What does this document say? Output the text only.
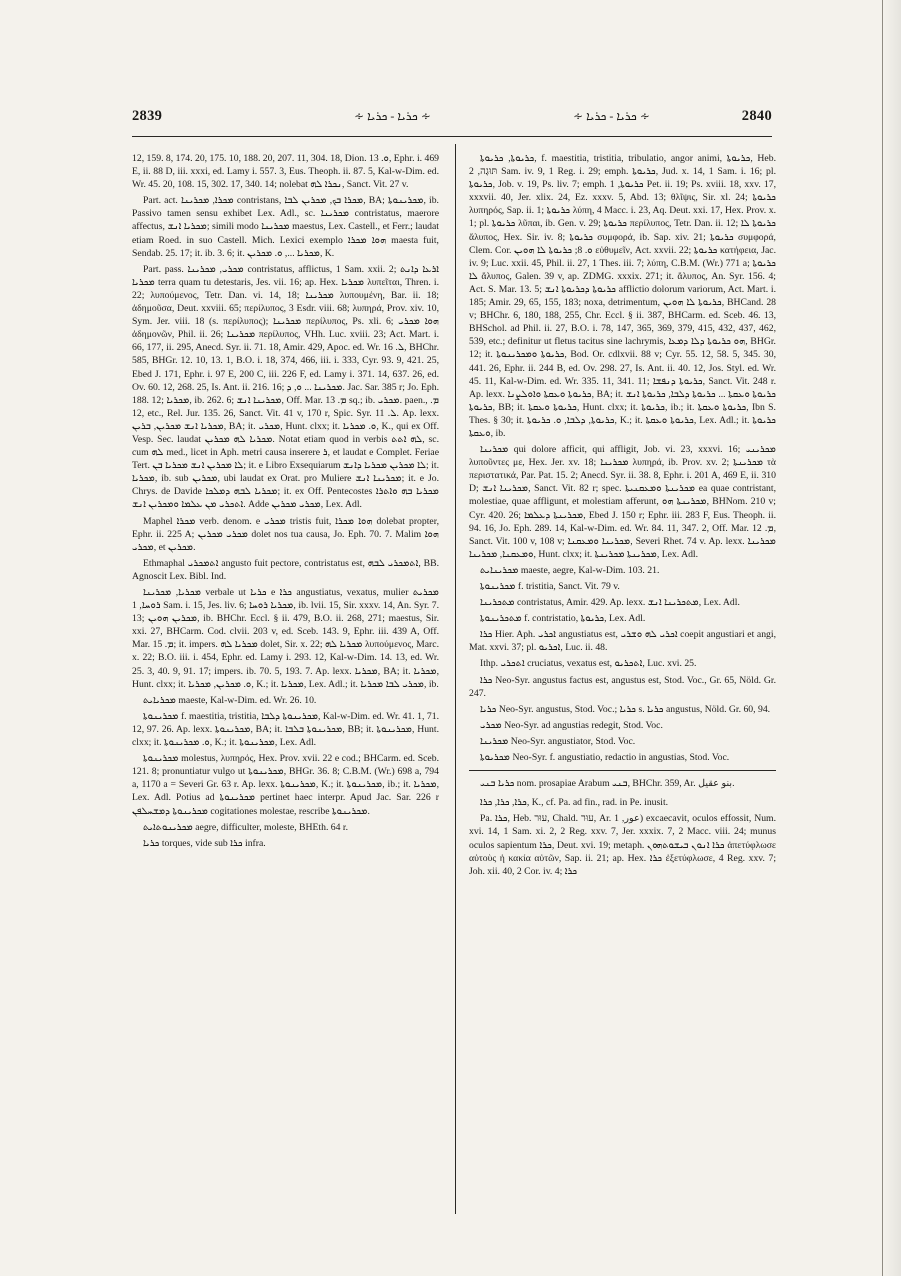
2839	∻ ܟܪܝܐ - ܟܪܝܐ ∻	∻ ܟܪܝܐ - ܟܪܝܐ ∻	2840

12, 159. 8, 174. 20, 175. 10, 188. 20, 207. 11, 304. 18, Dion. ܘ. 13, Ephr. i. 469 E, ii. 88 D, iii. xxxi, ed. Lamy i. 557. 3, Eus. Theoph. ii. 87. 5, Kal-w-Dim. ed. Wr. 45. 20, 108. 15, 302. 17, 340. 14; nolebat ܢܟܪܐ ܠܗ, Sanct. Vit. 27 v.

Part. act. ܡܟܪܐ, ܡܟܪܝܢܐ contristans, ܡܟܪܐ ܒܟ, ܡܟܪܝܢ ܠܒܐ, BA; ܡܟܪܝܢܘܬܐ, ib. Passivo tamen sensu exhibet Lex. Adl., sc. ܡܟܪܝܢܐ contristatus, maerore affectus, ܡܟܪܝܐ ܐܢܫ; simili modo ܡܟܪܝܢܐ maestus, Lex. Castell., et Ferr.; laudat etiam Roed. in suo Castell. Mich. Lexici exemplo ܗܘܐ ܡܟܪܐ maesta fuit, Sendab. 25. 17; it. ib. 3. 6; it. ܡܟܪܝܐ ..., ܘ. ܡܟܪܝܢ, K.

Part. pass. ܡܟܪܝ, ܡܟܪܝܢܐ contristatus, afflictus, 1 Sam. xxii. 2; ܐܪܥܐ ܕܐܢܬ ܡܟܪܝܐ terra quam tu detestaris, Jes. vii. 16; ap. Hex. ܡܟܪܝܐ λυπεῖται, Thren. i. 22; λυπούμενος, Tetr. Dan. vi. 14, 18; ܡܟܪܝܢܐ λυπουμένη, Bar. ii. 18; ἀδημοῦσα, Deut. xxviii. 65; περίλυπος, 3 Esdr. viii. 68; λυπηρά, Prov. xiv. 10, Sym. Jer. viii. 18 (s. περίλυπος); ܡܟܪܝܢܐ περίλυπος, Ps. xli. 6; ܗܘܐ ܡܟܪܝ ἀδημονῶν, Phil. ii. 26; ܡܟܪܝܢܐ περίλυπος, VHh. Luc. xviii. 23; Act. Mart. i. 66, 177, ii. 295, Anecd. Syr. ii. 71. 18, Amir. 429, Apoc. ed. Wr. ܠ. 16, BHChr. 585, BHGr. 12. 10, 13. 1, B.O. i. 18, 374, 466, iii. i. 333, Cyr. 93. 9, 421. 25, Ebed J. 171, Ephr. i. 97 E, 200 C, iii. 226 F, ed. Lamy i. 371. 14, 637. 26, ed. Ov. 60. 12, 268. 25, Is. Ant. ii. 216. 16; ܡܟܪܝܢܐ ... ܘ, ܕ. Jac. Sar. 385 r; Jo. Eph. 188. 12; ܡܟܪܝܐ, ib. 262. 6; ܡܟܪܝܢܐ ܐܢܫ, Off. Mar. ܡ. 13 sq.; ib. ܡܟܪܝ. paen., ܡ. 12, etc., Rel. Jur. 135. 26, Sanct. Vit. 41 v, 170 r, Spic. Syr. ܠ. 11. Ap. lexx. ܡܟܪܝܐ ܐܢܫ ܡܟܪܝܢ, ܒܪܝܢ, BA; it. ܡܟܪܝ, Hunt. clxx; it. ܘ. ܡܟܪܝܐ, K., qui ex Off. Vesp. Sec. laudat ܡܟܪܝܐ ܠܗ ܡܟܪܝܢ. Notat etiam quod in verbis ܠܗ ܐܬܬ, sc. cum ܠܗ med., licet in Aph. metri causa inserere ܪ, et laudat e Complet. Feriae Tert. ܠܐ ܡܟܪܝܢ ܐܢܫ ܡܟܪܝܐ ܒܢ; it. e Libro Exsequiarum ܠܐ ܡܟܪܝܢ ܡܟܪܝܐ ܕܐܢܫ; it. ܡܟܪܝܐ, ib. sub ܡܟܪܝܢ, ubi laudat ex Orat. pro Muliere ܡܟܪܝܢܐ ܐܢܫ; it. e Jo. Chrys. de Davide ܡܟܪܝܐ ܠܒܗ ܕܡܠܟܐ; it. ex Off. Pentecostes ܡܟܪܝܐ ܒܗ ܘܐܬܪܐ ܐܬܟܪܝ ܡܢ ܥܠܡܐ ܘܡܟܪܝܢ ܐܢܫ. Adde ܡܟܪܝ ܡܟܪܝܢ, Lex. Adl.

Maphel ܡܟܪܐ verb. denom. e ܡܟܪܝ tristis fuit, ܗܘܐ ܡܟܪܐ dolebat propter, Ephr. ii. 225 A; ܡܟܪܝ ܡܟܪܝܢ dolet nos tua causa, Jo. Eph. 70. 7. Malim ܗܘܐ ܡܟܪܝ, et ܡܟܪܝܢ.

Ethmaphal ܐܬܡܟܪܝ angusto fuit pectore, contristatus est, ܐܬܡܟܪܝ ܠܒܗ, BB. Agnoscit Lex. Bibl. Ind.

ܡܟܪܝܐ, ܡܟܪܝܢܐ verbale ut ܟܪܝܐ e ܟܪܐ angustiatus, vexatus, mulier ܡܟܪܝܬ ܪܘܚܐ, 1 Sam. i. 15, Jes. liv. 6; ܡܟܪܝܐ ܪܘܚܐ, ib. lvii. 15, Sir. xxxv. 14, An. Syr. 7. 13; ܡܟܪܝܢ ܗܘܝܢ, ib. BHChr. Eccl. § ii. 479, B.O. ii. 268, 271; maestus, Sir. xxi. 27, BHCarm. Cod. clvii. 203 v, ed. Sceb. 143. 9, Ephr. iii. 439 A, Off. Mar. ܡ. 15; it. impers. ܡܟܪܝܐ ܠܗ dolet, Sir. x. 22; ܡܟܪܝܐ ܠܗ λυπούμενος, Marc. x. 22; B.O. iii. i. 454, Ephr. ed. Lamy i. 293. 12, Kal-w-Dim. 14. 13, ed. Wr. 25. 3, 40. 9, 91. 17; impers. ib. 70. 5, 193. 7. Ap. lexx. ܡܟܪܝܐ, BA; it. ܡܟܪܝܐ, Hunt. clxx; it. ܘ. ܡܟܪܝܢ, ܡܟܪܝܐ, K.; it. ܡܟܪܝܐ, Lex. Adl.; it. ܡܟܪܝ ܠܒܐ ܡܟܪܝܐ, ib.

ܡܟܪܝܐܝܬ maeste, Kal-w-Dim. ed. Wr. 26. 10.

ܡܟܪܝܢܘܬܐ f. maestitia, tristitia, ܡܟܪܝܢܘܬܐ ܕܠܒܐ, Kal-w-Dim. ed. Wr. 41. 1, 71. 12, 97. 26. Ap. lexx. ܡܟܪܝܢܘܬܐ, BA; it. ܡܟܪܝܢܘܬܐ ܒܠܒܐ, BB; it. ܡܟܪܝܢܘܬܐ, Hunt. clxx; it. ܘ. ܡܟܪܝܢܘܬܐ, K.; it. ܡܟܪܝܢܘܬܐ, Lex. Adl.

ܡܟܪܝܢܘܬܐ molestus, λυπηρός, Hex. Prov. xvii. 22 e cod.; BHCarm. ed. Sceb. 121. 8; pronuntiatur vulgo ut ܡܟܪܝܢܘܬܐ, BHGr. 36. 8; C.B.M. (Wr.) 698 a, 794 a, 1170 a = Severi Gr. 63 r. Ap. lexx. ܡܟܪܝܢܘܬܐ, K.; it. ܡܟܪܝܢܘܬܐ, ib.; it. ܡܟܪܝܐ, Lex. Adl. Potius ad ܡܟܪܝܢܘܬܐ pertinet haec interpr. Apud Jac. Sar. 226 r ܡܟܪܝܢܘܬܐ ܕܡܫܚܠܦܢ cogitationes molestae, rescribe ܡܟܪܝܢܘܬܐ.

ܡܟܪܝܢܘܬܐܝܬ aegre, difficulter, moleste, BHEth. 64 r.

ܟܪܝܐ torques, vide sub ܟܪܐ infra.

ܟܪܝܘܬܐ, ܟܪܝܘܬܐ, f. maestitia, tristitia, tribulatio, angor animi, ܟܪܝܘܬܐ, Heb. תּוּגָה, 2 Sam. iv. 9, 1 Reg. i. 29; emph. ܟܪܝܘܬܐ, Jud. x. 14, 1 Sam. i. 16; pl. ܟܪܝܘܬܐ, Job. v. 19, Ps. liv. 7; emph. ܟܪܝܘܬܐ, 1 Pet. ii. 19; Ps. xviii. 18, xxv. 17, xxxvii. 40, Jer. xlix. 24, Ez. xxxv. 5, Abd. 13; θλῖψις, Sir. xl. 24; ܟܪܝܘܬܐ λυπηρός, Sap. ii. 1; ܟܪܝܘܬܐ λύπη, 4 Macc. i. 23, Aq. Deut. xxi. 17, Hex. Prov. x. 1; pl. ܟܪܝܘܬܐ λῦπαι, ib. Gen. v. 29; ܟܪܝܘܬܐ περίλυπος, Tetr. Dan. ii. 12; ܟܪܝܘܬܐ ܠܐ ἄλυπος, Hex. Sir. iv. 8; ܟܪܝܘܬܐ συμφορά, ib. Sap. xiv. 21; ܟܪܝܘܬܐ συμφορά, Clem. Cor. ܘ. 8; ܟܪܝܘܬܐ ܠܐ ܗܘܝܢ εὐθυμεῖν, Act. xxvii. 22; ܟܪܝܘܬܐ κατήφεια, Jac. iv. 9; Luc. xxii. 45, Phil. ii. 27, 1 Thes. iii. 7; λύπη, C.B.M. (Wr.) 771 a; ܟܪܝܘܬܐ ܠܐ ἄλυπος, Galen. 39 v, ap. ZDMG. xxxix. 271; it. ἄλυπος, An. Syr. 156. 4; Act. S. Mar. 13. 5; ܟܪܝܘܬܐ ܕܟܪܝܘܬܐ ܐܢܫ afflictio dolorum variorum, Act. Mart. i. 185; Amir. 29, 65, 155, 183; noxa, detrimentum, ܟܪܝܘܬܐ ܠܐ ܗܘܝܢ, BHCand. 28 v; BHChr. 6, 180, 188, 255, Chr. Eccl. § ii. 387, BHCarm. ed. Sceb. 46. 13, BHSchol. ad Phil. ii. 27, B.O. i. 78, 147, 365, 369, 379, 415, 432, 437, 462, 539, etc.; definitur ut fletus tacitus sine lachrymis, ܗܘ ܟܪܝܘܬܐ ܕܠܐ ܕܡܥܐ, BHGr. 12; it. ܟܪܝܘܬܐ ܘܡܟܪܝܢܘܬܐ, Bod. Or. cdlxvii. 88 v; Cyr. 55. 12, 58. 5, 345. 30, 441. 26, Ephr. ii. 244 B, ed. Ov. 298. 27, Is. Ant. ii. 40. 12, Jos. Styl. ed. Wr. 45. 11, Kal-w-Dim. ed. Wr. 335. 11, 341. 11; ܟܪܝܘܬܐ ܕܢܦܫܐ, Sanct. Vit. 248 r. Ap. lexx. ܟܪܝܘܬܐ ܘܥܩܬܐ ܘܐܘܠܨܢܐ, BA; it. ܟܪܝܘܬܐ ܘܥܩܬܐ ... ܟܪܝܘܬܐ ܕܠܒܐ, ܟܪܝܘܬܐ ܐܢܫ ܟܪܝܘܬܐ, BB; it. ܟܪܝܘܬܐ ܘܥܩܬܐ, Hunt. clxx; it. ܟܪܝܘܬܐ, ib.; it. ܟܪܝܘܬܐ ܘܥܩܬܐ, Ibn S. Thes. § 30; it. ܟܪܝܘܬܐ, ܕܠܒܐ, ܘ. ܟܪܝܘܬܐ, K.; it. ܟܪܝܘܬܐ ܘܥܩܬܐ, Lex. Adl.; it. ܟܪܝܘܬܐ ܘܥܩܬܐ, ib.

ܡܟܪܝܢܐ qui dolore afficit, qui affligit, Job. vi. 23, xxxvi. 16; ܡܟܪܝܢܝ λυποῦντες με, Hex. Jer. xv. 18; ܡܟܪܝܢܐ λυπηρά, ib. Prov. xv. 2; ܡܟܪܝܢܬܐ τὰ περιστατικά, Par. Pat. 15. 2; Anecd. Syr. ii. 38. 8, Ephr. i. 201 A, 469 E, ii. 310 D; ܡܟܪܝܢܐ ܐܢܫ, Sanct. Vit. 82 r; spec. ܡܟܪܝܢܬܐ ܘܡܥܩܢܝܬܐ ea quae contristant, molestiae, quae affligunt, et molestiam afferunt, ܡܟܪܝܢܬܐ ܗܘ, BHNom. 210 v; Cyr. 420. 26; ܡܟܪܝܢܬܐ ܕܥܠܡܐ, Ebed J. 150 r; Ephr. iii. 283 F, Eus. Theoph. ii. 94. 16, Jo. Eph. 289. 14, Kal-w-Dim. ed. Wr. 84. 11, 347. 2, Off. Mar. ܡ. 12, Sanct. Vit. 100 v, 108 v; ܡܟܪܝܢܐ ܘܡܥܩܢܐ, Severi Rhet. 74 v. Ap. lexx. ܡܟܪܝܢܐ ܘܡܥܩܢܐ, ܡܟܪܝܢܐ, Hunt. clxx; it. ܡܟܪܝܢܬܐ ܡܟܪܝܢܬܐ, Lex. Adl.

ܡܟܪܝܢܐܝܬ maeste, aegre, Kal-w-Dim. 103. 21.

ܡܟܪܝܢܘܬܐ f. tristitia, Sanct. Vit. 79 v.

ܡܬܟܪܝܢܐ contristatus, Amir. 429. Ap. lexx. ܡܬܟܪܝܢܐ ܐܢܫ, Lex. Adl.

ܡܬܟܪܝܢܘܬܐ f. contristatio, ܟܪܝܘܬܐ, Lex. Adl.

ܟܪܐ Hier. Aph. ܐܟܪܝ angustiatus est, ܐܟܪܝ ܠܗ ܘܫܪܝ coepit angustiari et angi, Mat. xxvi. 37; pl. ܐܟܪܝܘ, Luc. ii. 48.

Ithp. ܐܬܟܪܝ cruciatus, vexatus est, ܐܬܟܪܝܘ, Luc. xvi. 25.

ܟܪܐ Neo-Syr. angustus factus est, angustus est, Stod. Voc., Gr. 65, Nöld. Gr. 247.

ܟܪܝܐ Neo-Syr. angustus, Stod. Voc.; ܟܪܝܐ s. ܟܪܝܐ angustus, Nöld. Gr. 60, 94.

ܡܟܪܝ Neo-Syr. ad angustias redegit, Stod. Voc.

ܡܟܪܝܢܐ Neo-Syr. angustiator, Stod. Voc.

ܡܟܪܝܘܬܐ Neo-Syr. f. angustiatio, redactio in angustias, Stod. Voc.

ܟܪܝܐ ܒܢܝ nom. prosapiae Arabum ܒܢܝ, BHChr. 359, Ar. بنو عقيل.

ܟܪܐ, ܟܪܐ, ܟܪܐ, K., cf. Pa. ad fin., rad. in Pe. inusit.

Pa. ܟܪܐ, Heb. עוּר, Chald. עוּר, Ar. عور, 1) excaecavit, oculos effossit, Num. xvi. 14, 1 Sam. xi. 2, 2 Reg. xxv. 7, Jer. xxxix. 7, 2 Macc. viii. 24; munus oculos sapientum ܟܪܐ, Deut. xvi. 19; metaph. ܟܪܐ ܐܢܘܢ ܒܝܫܘܬܗܘܢ ἀπετύφλωσε αὐτοὺς ἡ κακία αὐτῶν, Sap. ii. 21; ap. Hex. ܟܪܐ ἐξετύφλωσε, 4 Reg. xxv. 7; Joh. xii. 40, 2 Cor. iv. 4; ܟܪܐ
